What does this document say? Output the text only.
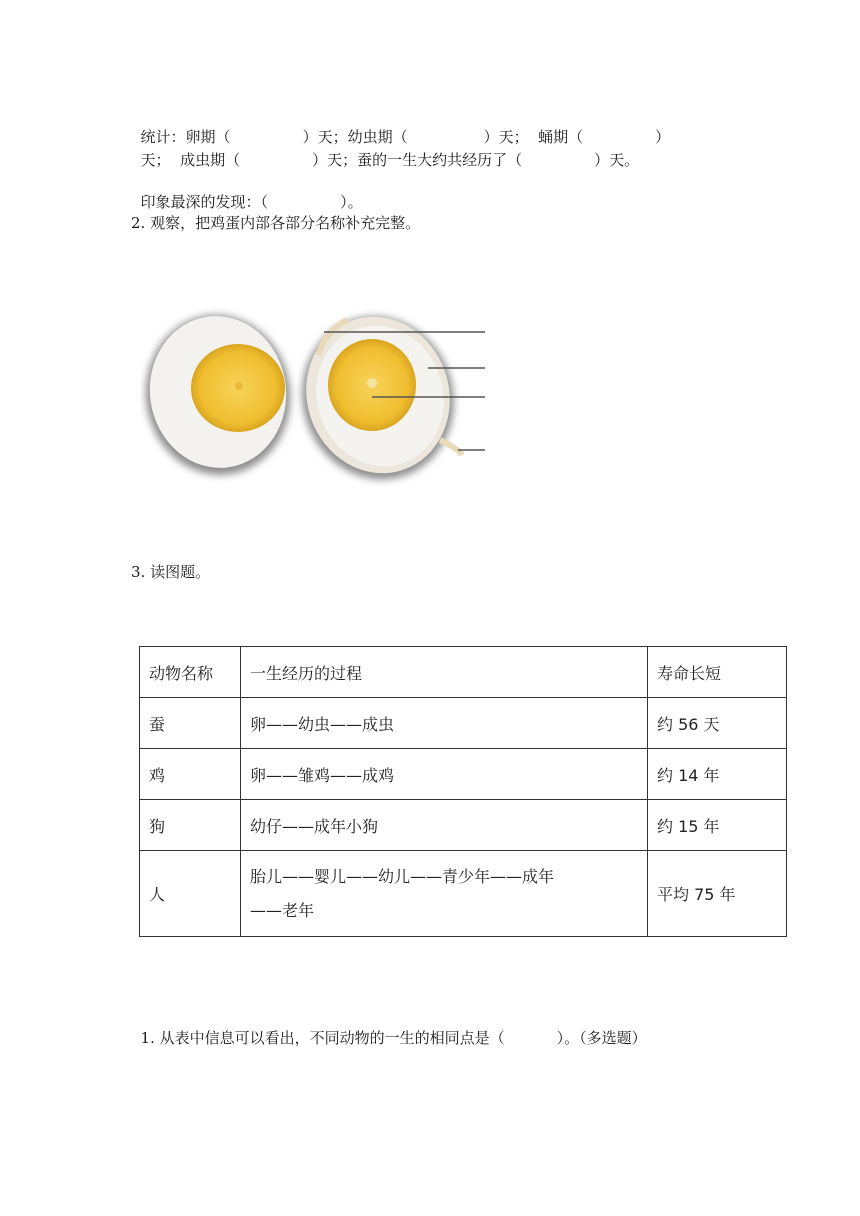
统计：卵期（	）天；幼虫期（	）天；  蛹期（	）

天；  成虫期（	）天；蚕的一生大约共经历了（	）天。

印象最深的发现：（	）。

2. 观察，把鸡蛋内部各部分名称补充完整。
3. 读图题。
动物名称	一生经历的过程	寿命长短
蚕	卵——幼虫——成虫	约 56 天
鸡	卵——雏鸡——成鸡	约 14 年
狗	幼仔——成年小狗	约 15 年
人	胎儿——婴儿——幼儿——青少年——成年
——老年	平均 75 年

1. 从表中信息可以看出，不同动物的一生的相同点是（	）。（多选题）
